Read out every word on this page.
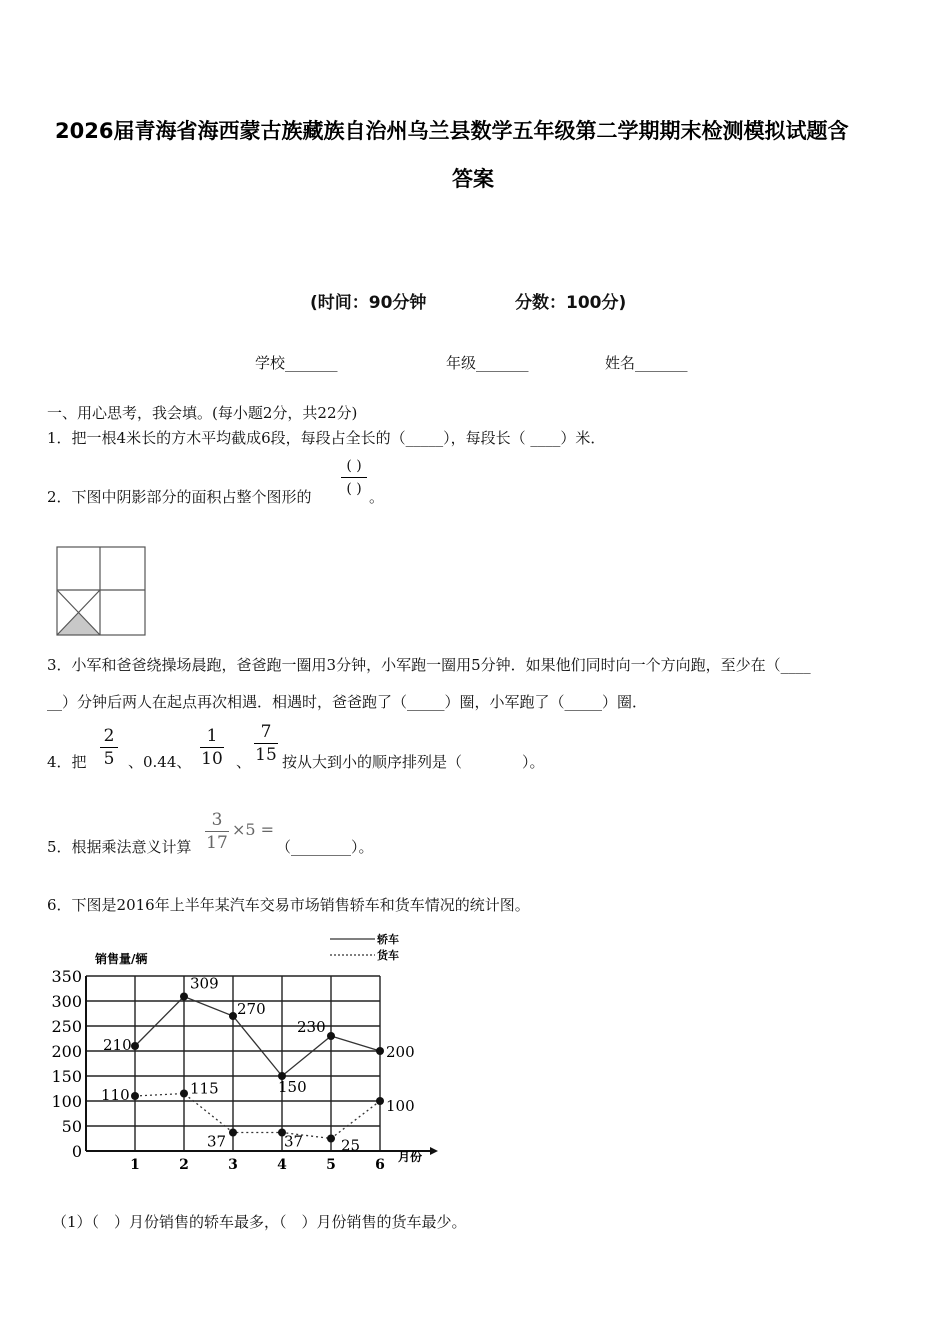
2026届青海省海西蒙古族藏族自治州乌兰县数学五年级第二学期期末检测模拟试题含
答案
(时间：90分钟	分数：100分)
学校_______	年级_______	姓名_______
一、用心思考，我会填。(每小题2分，共22分)
1．把一根4米长的方木平均截成6段，每段占全长的（_____），每段长（ ____）米．
2．下图中阴影部分的面积占整个图形的
( )
( ) 。
3．小军和爸爸绕操场晨跑，爸爸跑一圈用3分钟，小军跑一圈用5分钟．如果他们同时向一个方向跑，至少在（____
__）分钟后两人在起点再次相遇．相遇时，爸爸跑了（_____）圈，小军跑了（_____）圈．
4．把
2
5 、0.44、
1
10 、
7
15 按从大到小的顺序排列是（　　　　）。
5．根据乘法意义计算
3
17
×5 =
（________）。
6．下图是2016年上半年某汽车交易市场销售轿车和货车情况的统计图。
0
50
100
150
200
250
300
350
1	2	3	4	5	6
210
309
270
150
230
200
110	115
37	37	25
100
销售量/辆
月份
轿车
货车
（1）（　）月份销售的轿车最多，（　）月份销售的货车最少。
